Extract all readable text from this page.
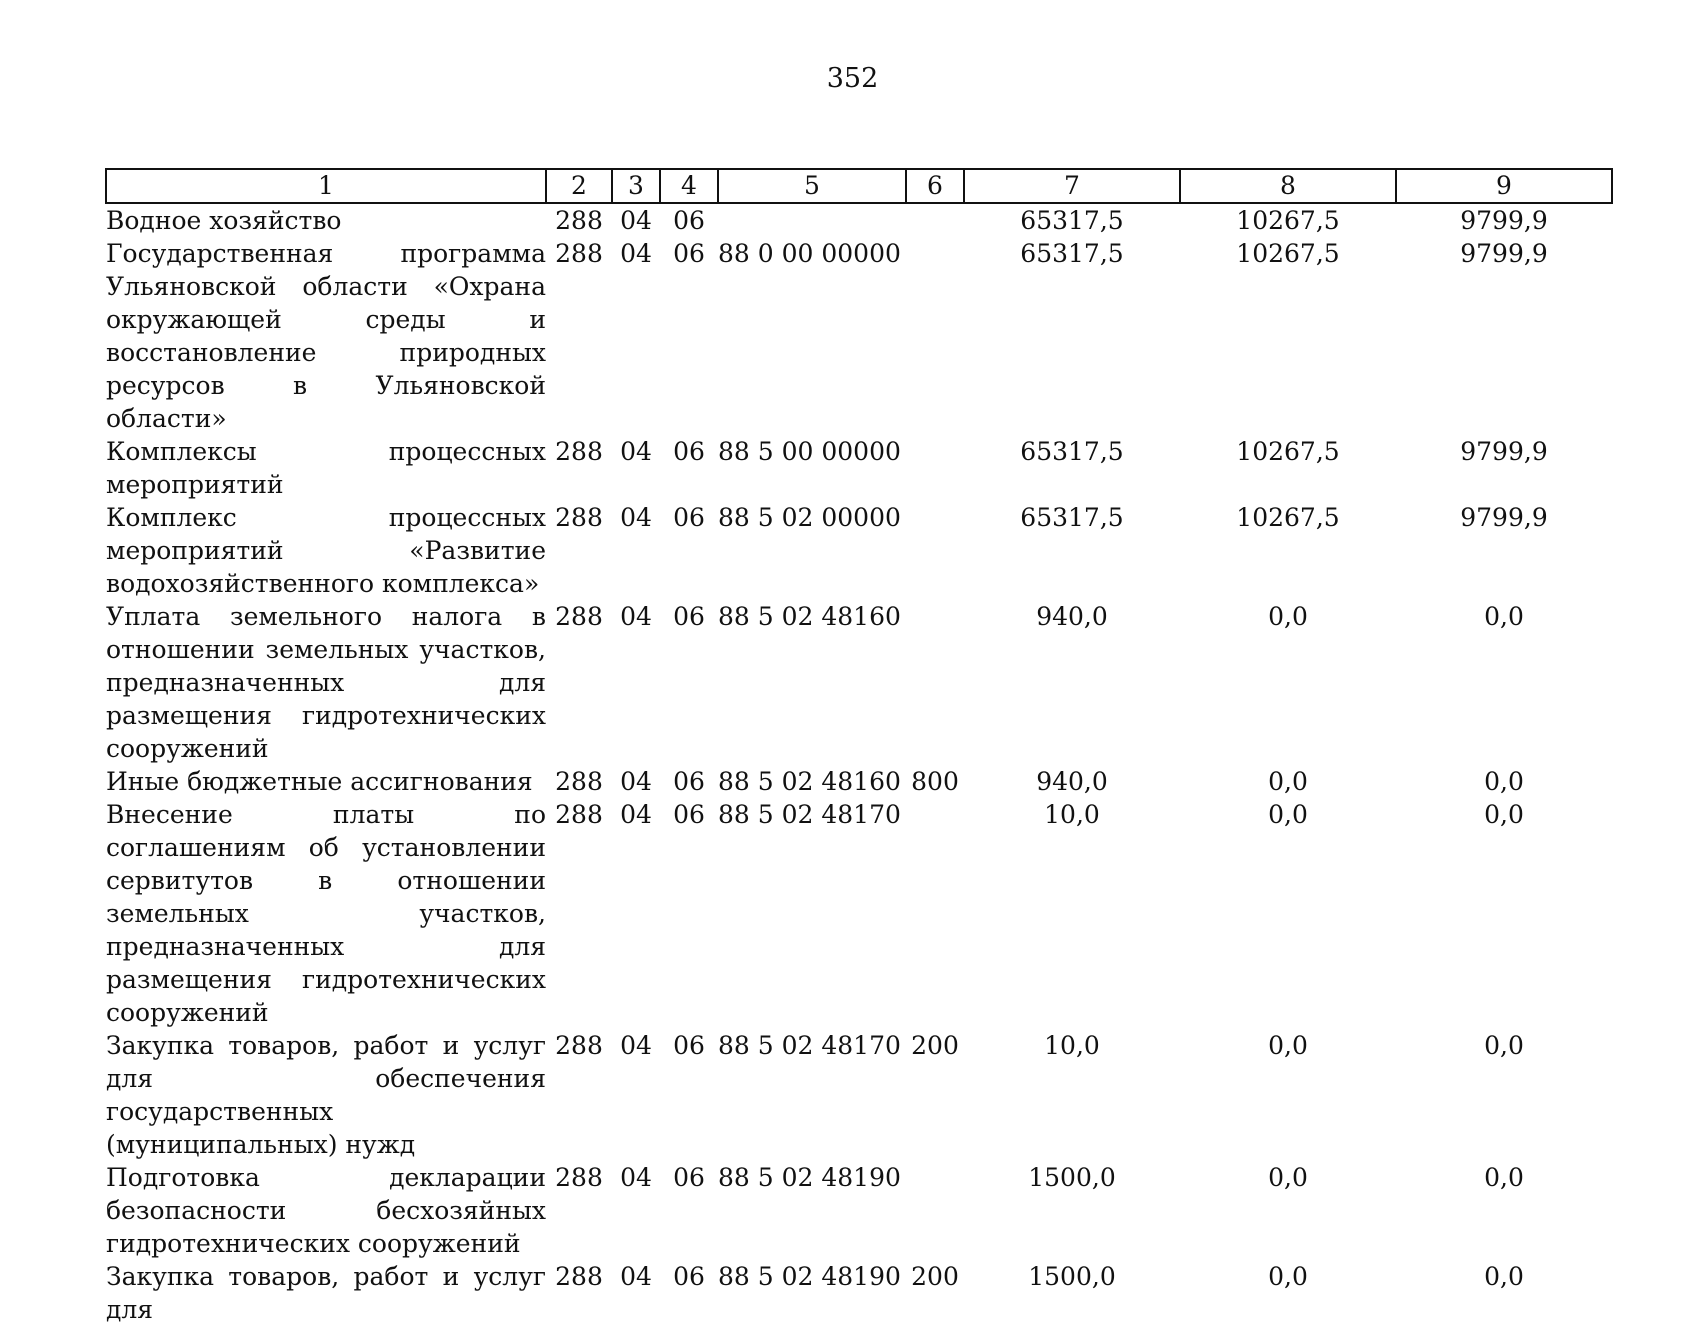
352
1	2	3	4	5	6	7	8	9
Водное хозяйство	288	04	06			65317,5	10267,5	9799,9
Государственная программа Ульяновской области «Охрана окружающей среды и восстановление природных ресурсов в Ульяновской области»	288	04	06	88 0 00 00000		65317,5	10267,5	9799,9
Комплексы процессных мероприятий	288	04	06	88 5 00 00000		65317,5	10267,5	9799,9
Комплекс процессных мероприятий «Развитие водохозяйственного комплекса»	288	04	06	88 5 02 00000		65317,5	10267,5	9799,9
Уплата земельного налога в отношении земельных участков, предназначенных для размещения гидротехнических сооружений	288	04	06	88 5 02 48160		940,0	0,0	0,0
Иные бюджетные ассигнования	288	04	06	88 5 02 48160	800	940,0	0,0	0,0
Внесение платы по соглашениям об установлении сервитутов в отношении земельных участков, предназначенных для размещения гидротехнических сооружений	288	04	06	88 5 02 48170		10,0	0,0	0,0
Закупка товаров, работ и услуг для обеспечения государственных (муниципальных) нужд	288	04	06	88 5 02 48170	200	10,0	0,0	0,0
Подготовка декларации безопасности бесхозяйных гидротехнических сооружений	288	04	06	88 5 02 48190		1500,0	0,0	0,0
Закупка товаров, работ и услуг для	288	04	06	88 5 02 48190	200	1500,0	0,0	0,0
